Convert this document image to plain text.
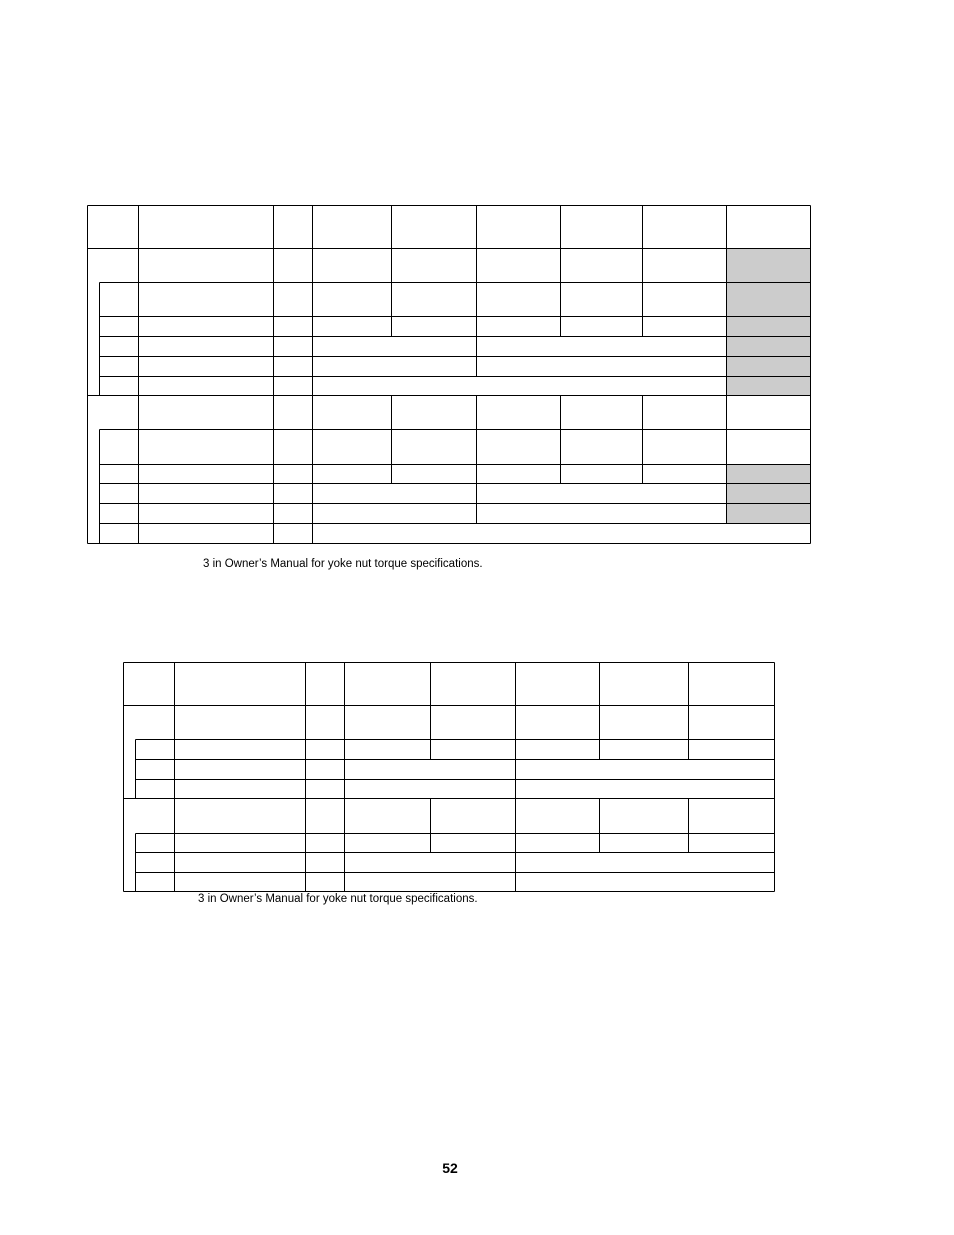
3 in Owner’s Manual for yoke nut torque specifications.
3 in Owner’s Manual for yoke nut torque specifications.
52
